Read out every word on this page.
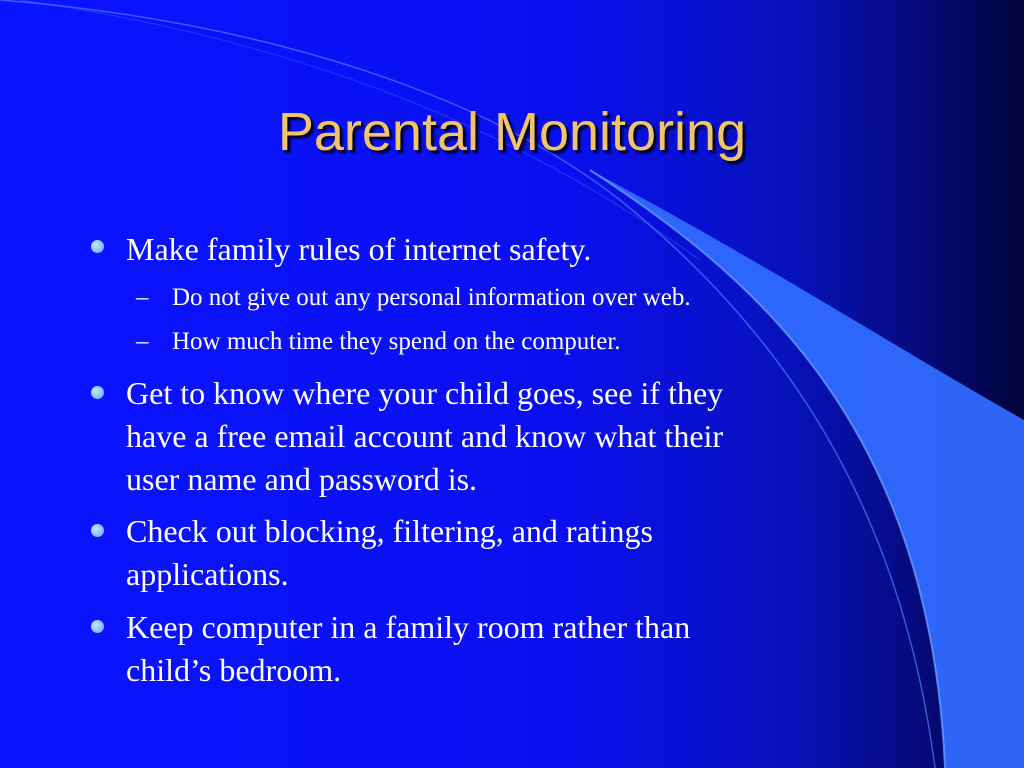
Parental Monitoring
Make family rules of internet safety.
– Do not give out any personal information over web.
– How much time they spend on the computer.
Get to know where your child goes, see if they
have a free email account and know what their
user name and password is.
Check out blocking, filtering, and ratings
applications.
Keep computer in a family room rather than
child’s bedroom.
